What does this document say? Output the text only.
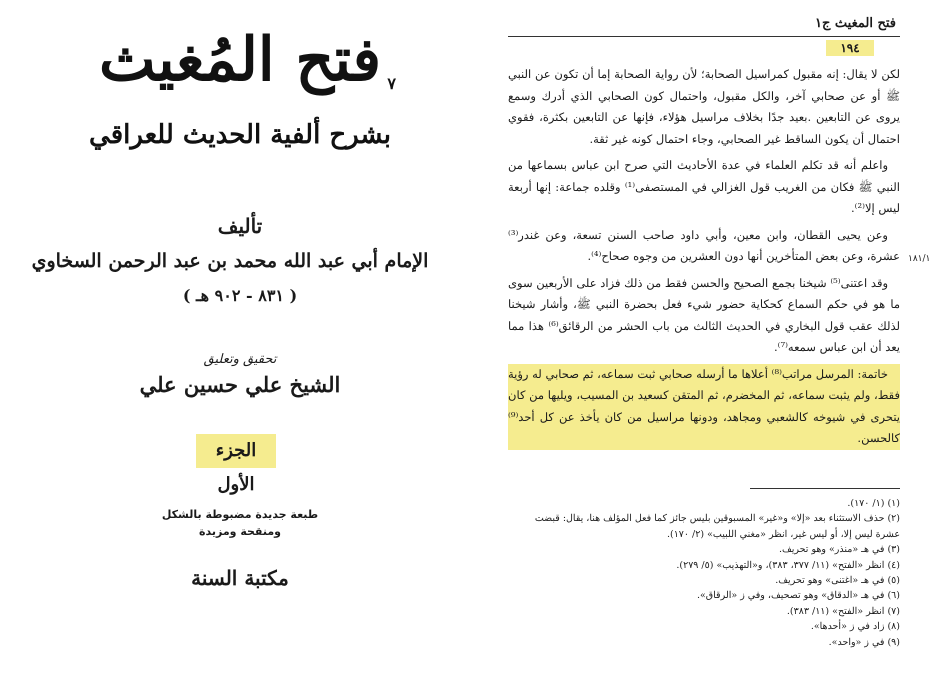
فتح المُغيث ٧
بشرح ألفية الحديث للعراقي
تأليف
الإمام أبي عبد الله محمد بن عبد الرحمن السخاوي
( ٨٣١ - ٩٠٢ هـ )
تحقيق وتعليق
الشيخ علي حسين علي
الجزء الأول
طبعة جديدة مضبوطة بالشكل
ومنقحة ومزيدة
مكتبة السنة
فتح المغيث ج١
١٩٤

لكن لا يقال: إنه مقبول كمراسيل الصحابة؛ لأن رواية الصحابة إما أن تكون عن النبي ﷺ أو عن صحابي آخر، والكل مقبول، واحتمال كون الصحابي الذي أدرك وسمع يروى عن التابعين .بعيد جدًا بخلاف مراسيل هؤلاء، فإنها عن التابعين بكثرة، فقوي احتمال أن يكون الساقط غير الصحابي، وجاء احتمال كونه غير ثقة.

واعلم أنه قد تكلم العلماء في عدة الأحاديث التي صرح ابن عباس بسماعها من النبي ﷺ فكان من الغريب قول الغزالي في المستصفى⁽¹⁾ وقلده جماعة: إنها أربعة ليس إلا⁽²⁾.

وعن يحيى القطان، وابن معين، وأبي داود صاحب السنن تسعة، وعن غندر⁽³⁾ عشرة، وعن بعض المتأخرين أنها دون العشرين من وجوه صحاح⁽⁴⁾.

وقد اعتنى⁽⁵⁾ شيخنا بجمع الصحيح والحسن فقط من ذلك فزاد على الأربعين سوى ما هو في حكم السماع كحكاية حضور شيء فعل بحضرة النبي ﷺ، وأشار شيخنا لذلك عقب قول البخاري في الحديث الثالث من باب الحشر من الرقائق⁽⁶⁾ هذا مما يعد أن ابن عباس سمعه⁽⁷⁾.

خاتمة: المرسل مراتب⁽⁸⁾ أعلاها ما أرسله صحابي ثبت سماعه، ثم صحابي له رؤية فقط، ولم يثبت سماعه، ثم المخضرم، ثم المتقن كسعيد بن المسيب، ويليها من كان يتحرى في شيوخه كالشعبي ومجاهد، ودونها مراسيل من كان يأخذ عن كل أحد⁽⁹⁾ كالحسن.

١٨١/١
(١) (١/ ١٧٠).
(٢) حذف الاستثناء بعد «إلا» و«غير» المسبوقين بليس جائز كما فعل المؤلف هنا، يقال: قبضت عشرة ليس إلا، أو ليس غير، انظر «مغني اللبيب» (٢/ ١٧٠).
(٣) في هـ «منذر» وهو تحريف.
(٤) انظر «الفتح» (١١/ ٣٧٧، ٣٨٣)، و«التهذيب» (٥/ ٢٧٩).
(٥) في هـ «اغتنى» وهو تحريف.
(٦) في هـ «الدقاق» وهو تصحيف، وفي ز «الرقاق».
(٧) انظر «الفتح» (١١/ ٣٨٣).
(٨) زاد في ز «أحدها».
(٩) في ز «واحد».
